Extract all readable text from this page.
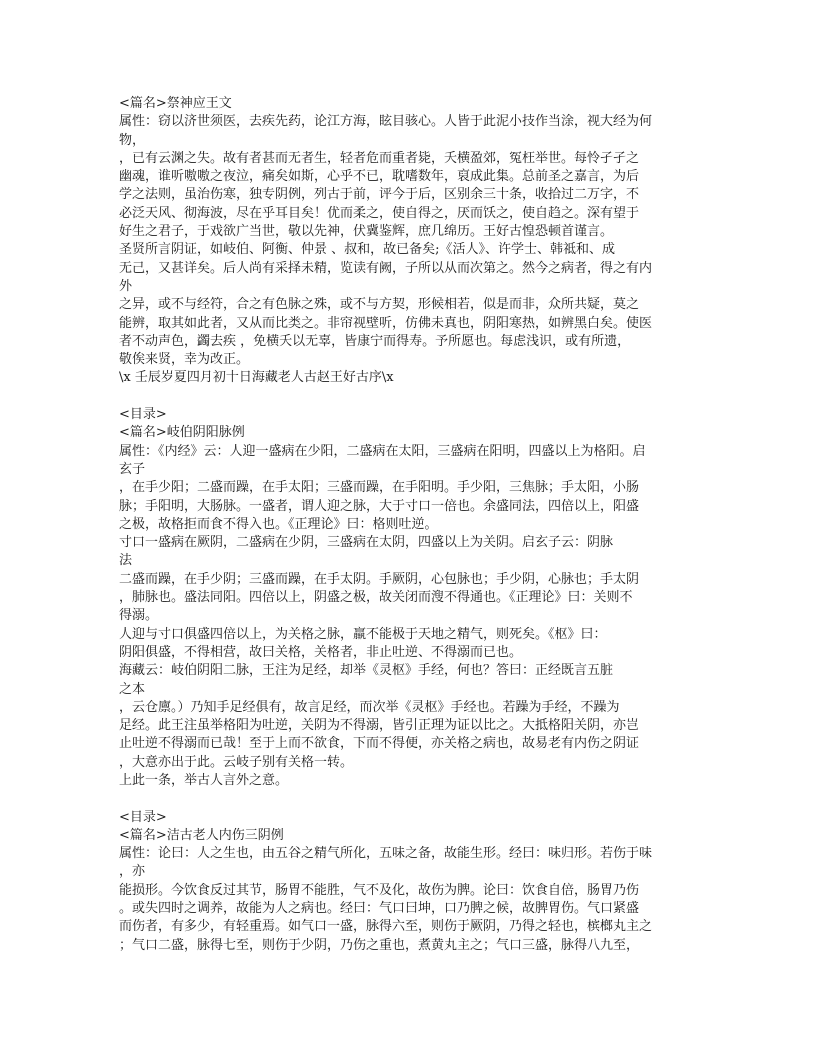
<篇名>祭神应王文
属性：窃以济世须医，去疾先药，论江方海，眩目骇心。人皆于此泥小技作当涂，视大经为何
物，
，已有云渊之失。故有者甚而无者生，轻者危而重者毙，夭横盈郊，冤枉举世。每怜孑孑之
幽魂，谁听嗷嗷之夜泣，痛矣如斯，心乎不已，耽嗜数年，裒成此集。总前圣之嘉言，为后
学之法则，虽治伤寒，独专阴例，列古于前，评今于后，区别余三十条，收拾过二万字，不
必泛天风、彻海波，尽在乎耳目矣！优而柔之，使自得之，厌而饫之，使自趋之。深有望于
好生之君子，于戏欲广当世，敬以先神，伏冀鉴辉，庶几绵历。王好古惶恐顿首谨言。
圣贤所言阴证，如岐伯、阿衡、仲景 、叔和，故已备矣;《活人》、许学士、韩祗和、成
无己，又甚详矣。后人尚有采择未精，览读有阙，子所以从而次第之。然今之病者，得之有内
外
之异，或不与经符，合之有色脉之殊，或不与方契，形候相若，似是而非，众所共疑，莫之
能辨，取其如此者，又从而比类之。非帘视壁听，仿佛未真也，阴阳寒热，如辨黑白矣。使医
者不动声色，蠲去疾 ，免横夭以无辜，皆康宁而得寿。予所愿也。每虑浅识，或有所遗，
敬俟来贤，幸为改正。
\x 壬辰岁夏四月初十日海藏老人古赵王好古序\x
<目录>
<篇名>岐伯阴阳脉例
属性：《内经》云：人迎一盛病在少阳，二盛病在太阳，三盛病在阳明，四盛以上为格阳。启
玄子
，在手少阳；二盛而躁，在手太阳；三盛而躁，在手阳明。手少阳，三焦脉；手太阳，小肠
脉；手阳明，大肠脉。一盛者，谓人迎之脉，大于寸口一倍也。余盛同法，四倍以上，阳盛
之极，故格拒而食不得入也。《正理论》曰：格则吐逆。
寸口一盛病在厥阴，二盛病在少阴，三盛病在太阴，四盛以上为关阴。启玄子云：阴脉
法
二盛而躁，在手少阴；三盛而躁，在手太阴。手厥阴，心包脉也；手少阴，心脉也；手太阴
，肺脉也。盛法同阳。四倍以上，阴盛之极，故关闭而溲不得通也。《正理论》曰：关则不
得溺。
人迎与寸口俱盛四倍以上，为关格之脉，羸不能极于天地之精气，则死矣。《枢》曰：
阴阳俱盛，不得相营，故曰关格，关格者，非止吐逆、不得溺而已也。
海藏云：岐伯阴阳二脉，王注为足经，却举《灵枢》手经，何也？答曰：正经既言五脏
之本
，云仓廪。）乃知手足经俱有，故言足经，而次举《灵枢》手经也。若躁为手经，不躁为
足经。此王注虽举格阳为吐逆，关阴为不得溺，皆引正理为证以比之。大抵格阳关阴，亦岂
止吐逆不得溺而已哉！至于上而不欲食，下而不得便，亦关格之病也，故易老有内伤之阴证
，大意亦出于此。云岐子别有关格一转。
上此一条，举古人言外之意。
<目录>
<篇名>洁古老人内伤三阴例
属性：论曰：人之生也，由五谷之精气所化，五味之备，故能生形。经曰：味归形。若伤于味
，亦
能损形。今饮食反过其节，肠胃不能胜，气不及化，故伤为脾。论曰：饮食自倍，肠胃乃伤
。或失四时之调养，故能为人之病也。经曰：气口曰坤，口乃脾之候，故脾胃伤。气口紧盛
而伤者，有多少，有轻重焉。如气口一盛，脉得六至，则伤于厥阴，乃得之轻也，槟榔丸主之
；气口二盛，脉得七至，则伤于少阴，乃伤之重也，煮黄丸主之；气口三盛，脉得八九至，
